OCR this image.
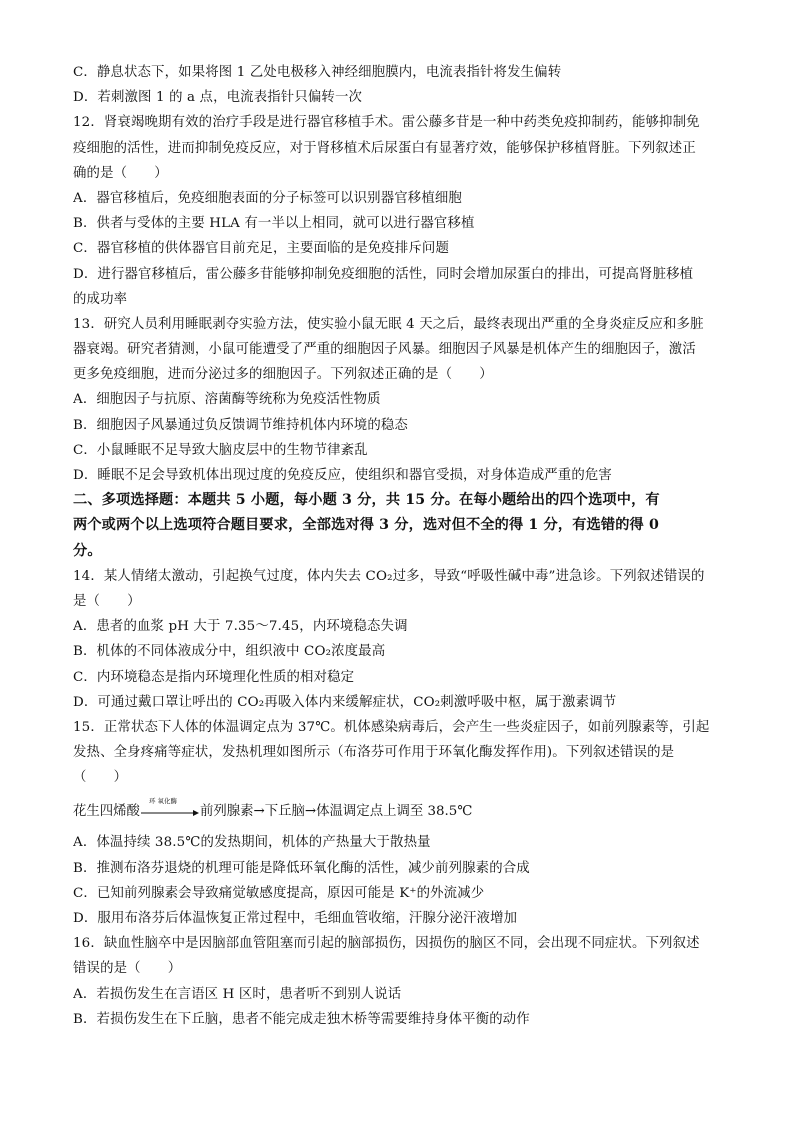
C．静息状态下，如果将图 1 乙处电极移入神经细胞膜内，电流表指针将发生偏转
D．若刺激图 1 的 a 点，电流表指针只偏转一次
12．肾衰竭晚期有效的治疗手段是进行器官移植手术。雷公藤多苷是一种中药类免疫抑制药，能够抑制免
疫细胞的活性，进而抑制免疫反应，对于肾移植术后尿蛋白有显著疗效，能够保护移植肾脏。下列叙述正
确的是（　　）
A．器官移植后，免疫细胞表面的分子标签可以识别器官移植细胞
B．供者与受体的主要 HLA 有一半以上相同，就可以进行器官移植
C．器官移植的供体器官目前充足，主要面临的是免疫排斥问题
D．进行器官移植后，雷公藤多苷能够抑制免疫细胞的活性，同时会增加尿蛋白的排出，可提高肾脏移植
的成功率
13．研究人员利用睡眠剥夺实验方法，使实验小鼠无眠 4 天之后，最终表现出严重的全身炎症反应和多脏
器衰竭。研究者猜测，小鼠可能遭受了严重的细胞因子风暴。细胞因子风暴是机体产生的细胞因子，激活
更多免疫细胞，进而分泌过多的细胞因子。下列叙述正确的是（　　）
A．细胞因子与抗原、溶菌酶等统称为免疫活性物质
B．细胞因子风暴通过负反馈调节维持机体内环境的稳态
C．小鼠睡眠不足导致大脑皮层中的生物节律紊乱
D．睡眠不足会导致机体出现过度的免疫反应，使组织和器官受损，对身体造成严重的危害
二、多项选择题：本题共 5 小题，每小题 3 分，共 15 分。在每小题给出的四个选项中，有
两个或两个以上选项符合题目要求，全部选对得 3 分，选对但不全的得 1 分，有选错的得 0
分。
14．某人情绪太激动，引起换气过度，体内失去 CO₂过多，导致“呼吸性碱中毒”进急诊。下列叙述错误的
是（　　）
A．患者的血浆 pH 大于 7.35～7.45，内环境稳态失调
B．机体的不同体液成分中，组织液中 CO₂浓度最高
C．内环境稳态是指内环境理化性质的相对稳定
D．可通过戴口罩让呼出的 CO₂再吸入体内来缓解症状，CO₂刺激呼吸中枢，属于激素调节
15．正常状态下人体的体温调定点为 37℃。机体感染病毒后，会产生一些炎症因子，如前列腺素等，引起
发热、全身疼痛等症状，发热机理如图所示（布洛芬可作用于环氧化酶发挥作用)。下列叙述错误的是
（　　）
花生四烯酸
环 氧化酶
前列腺素→下丘脑→体温调定点上调至 38.5℃
A．体温持续 38.5℃的发热期间，机体的产热量大于散热量
B．推测布洛芬退烧的机理可能是降低环氧化酶的活性，减少前列腺素的合成
C．已知前列腺素会导致痛觉敏感度提高，原因可能是 K⁺的外流减少
D．服用布洛芬后体温恢复正常过程中，毛细血管收缩，汗腺分泌汗液增加
16．缺血性脑卒中是因脑部血管阻塞而引起的脑部损伤，因损伤的脑区不同，会出现不同症状。下列叙述
错误的是（　　）
A．若损伤发生在言语区 H 区时，患者听不到别人说话
B．若损伤发生在下丘脑，患者不能完成走独木桥等需要维持身体平衡的动作
